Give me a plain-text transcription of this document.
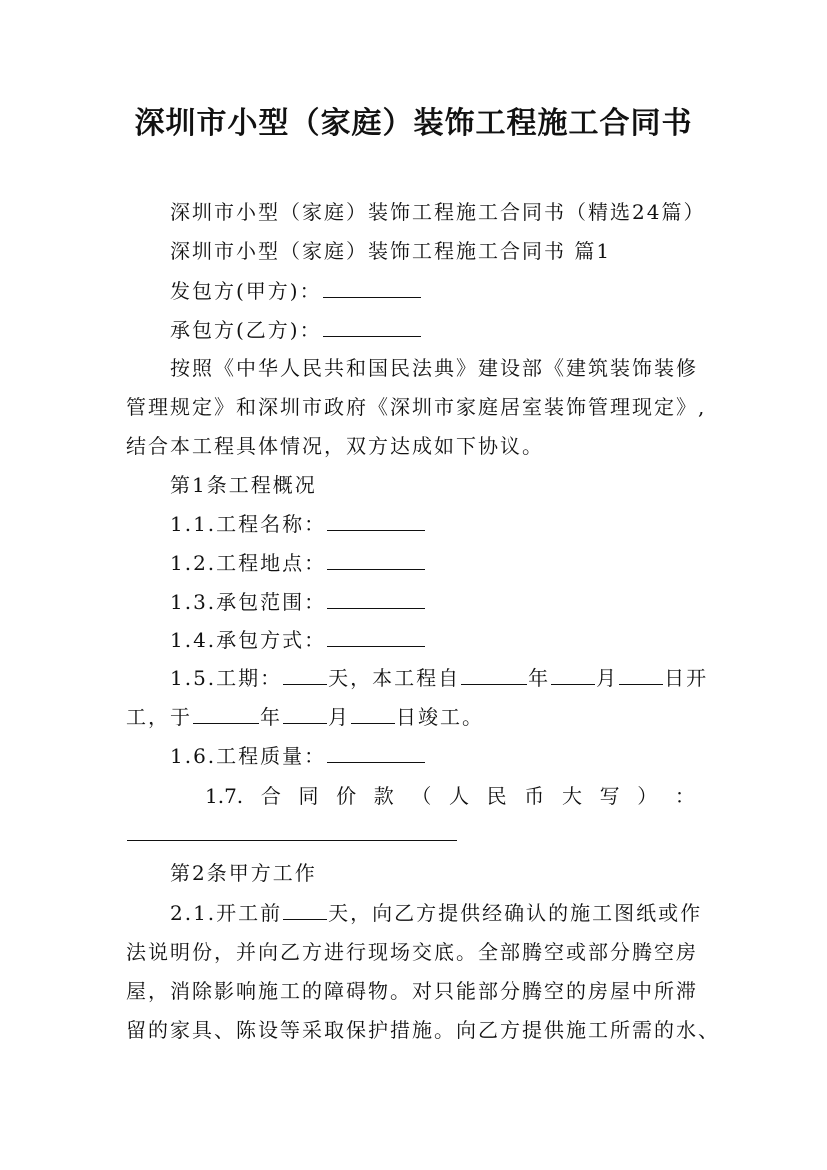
深圳市小型（家庭）装饰工程施工合同书
深圳市小型（家庭）装饰工程施工合同书（精选24篇）
深圳市小型（家庭）装饰工程施工合同书 篇1
发包方(甲方)：
承包方(乙方)：
按照《中华人民共和国民法典》建设部《建筑装饰装修
管理规定》和深圳市政府《深圳市家庭居室装饰管理现定》,
结合本工程具体情况，双方达成如下协议。
第1条工程概况
1.1.工程名称：
1.2.工程地点：
1.3.承包范围：
1.4.承包方式：
1.5.工期： 天，本工程自	年 月 日开
工，于	年 月 日竣工。
1.6.工程质量：
1.7. 合 同 价 款 （ 人 民 币 大 写 ） ：
第2条甲方工作
2.1.开工前 天，向乙方提供经确认的施工图纸或作
法说明份，并向乙方进行现场交底。全部腾空或部分腾空房
屋，消除影响施工的障碍物。对只能部分腾空的房屋中所滞
留的家具、陈设等采取保护措施。向乙方提供施工所需的水、
